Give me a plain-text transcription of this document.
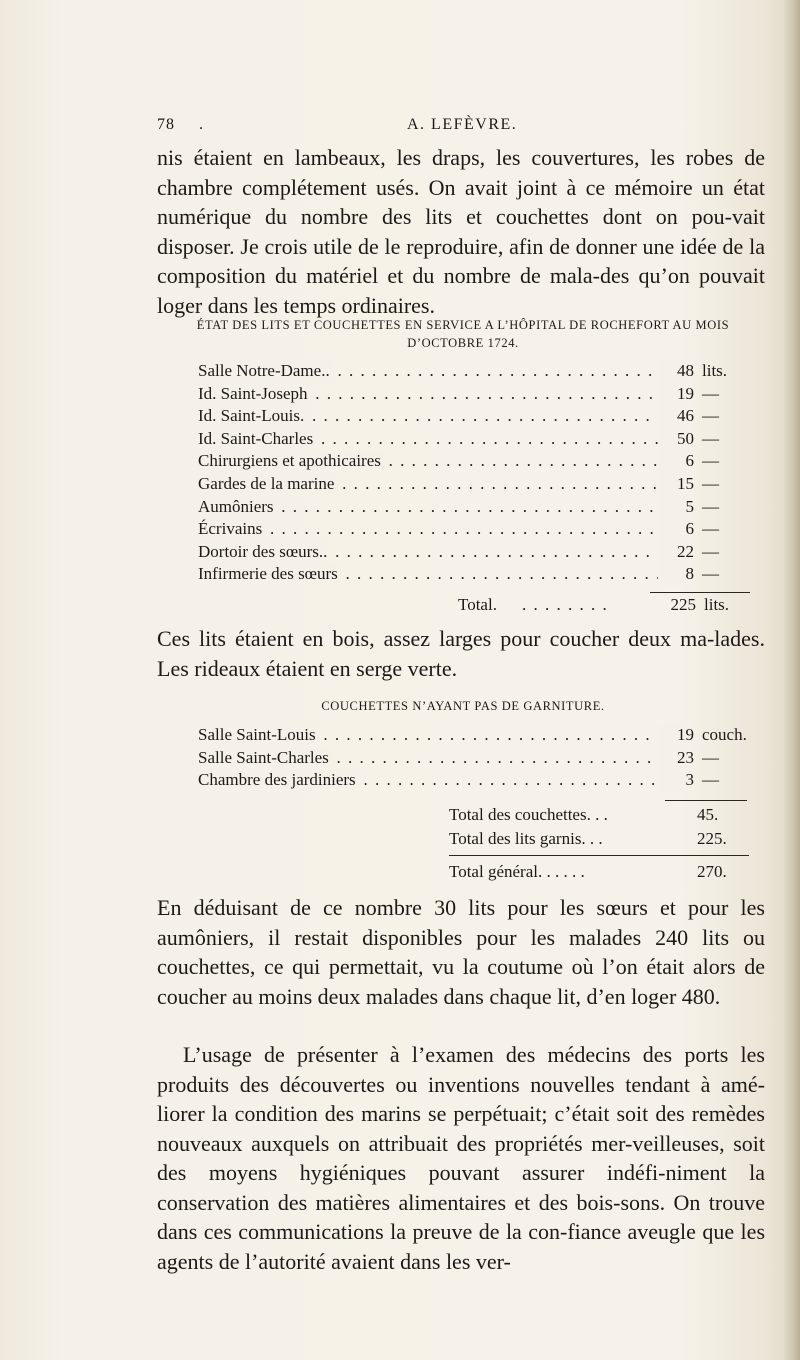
78 .	A. LEFÈVRE.
nis étaient en lambeaux, les draps, les couvertures, les robes de chambre complétement usés. On avait joint à ce mémoire un état numérique du nombre des lits et couchettes dont on pou-vait disposer. Je crois utile de le reproduire, afin de donner une idée de la composition du matériel et du nombre de mala-des qu’on pouvait loger dans les temps ordinaires.
ÉTAT DES LITS ET COUCHETTES EN SERVICE A L’HÔPITAL DE ROCHEFORT AU MOIS D’OCTOBRE 1724.
Salle Notre-Dame.. . . .	48 lits.
Id. Saint-Joseph . . .	19 —
Id. Saint-Louis. . . .	46 —
Id. Saint-Charles . . .	50 —
Chirurgiens et apothicaires . . .	6 —
Gardes de la marine . . .	15 —
Aumôniers . . .	5 —
Écrivains . . .	6 —
Dortoir des sœurs.. . . .	22 —
Infirmerie des sœurs . . .	8 —
Total. . . . . . . . .	225 lits.
Ces lits étaient en bois, assez larges pour coucher deux ma-lades. Les rideaux étaient en serge verte.
COUCHETTES N’AYANT PAS DE GARNITURE.
Salle Saint-Louis . . .	19 couch.
Salle Saint-Charles . . .	23 —
Chambre des jardiniers . . .	3 —
Total des couchettes. . .	45.
Total des lits garnis. . .	225.
Total général. . . . . .	270.
En déduisant de ce nombre 30 lits pour les sœurs et pour les aumôniers, il restait disponibles pour les malades 240 lits ou couchettes, ce qui permettait, vu la coutume où l’on était alors de coucher au moins deux malades dans chaque lit, d’en loger 480.
L’usage de présenter à l’examen des médecins des ports les produits des découvertes ou inventions nouvelles tendant à amé-liorer la condition des marins se perpétuait; c’était soit des remèdes nouveaux auxquels on attribuait des propriétés mer-veilleuses, soit des moyens hygiéniques pouvant assurer indéfi-niment la conservation des matières alimentaires et des bois-sons. On trouve dans ces communications la preuve de la con-fiance aveugle que les agents de l’autorité avaient dans les ver-
